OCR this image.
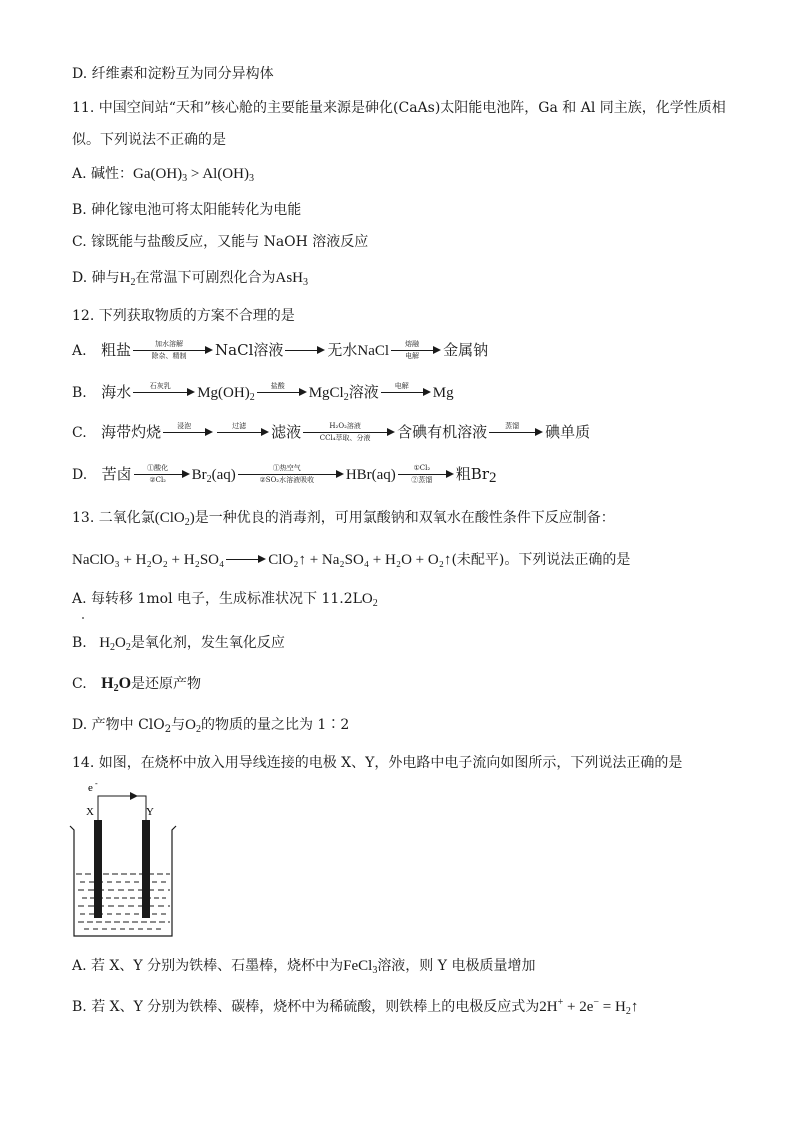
D. 纤维素和淀粉互为同分异构体
11. 中国空间站“天和”核心舱的主要能量来源是砷化(CaAs)太阳能电池阵，Ga 和 Al 同主族，化学性质相
似。下列说法不正确的是
A. 碱性：$Ga(OH)_3 > Al(OH)_3$
B. 砷化镓电池可将太阳能转化为电能
C. 镓既能与盐酸反应，又能与 NaOH 溶液反应
D. 砷与$H_2$在常温下可剧烈化合为AsH$_3$
12. 下列获取物质的方案不合理的是
A. 粗盐	加水溶解
除杂、精制	NaCl溶液	无水NaCl	熔融
电解	金属钠
B. 海水	石灰乳	$Mg(OH)_2$
盐酸	MgCl$_2$溶液	电解	Mg
C. 海带灼烧	浸泡	过滤	滤液	H₂O₂溶液
CCl₄萃取、分液	含碘有机溶液	蒸馏	碘单质
D. 苦卤	①酸化
②Cl₂	$Br_2(aq)$	①热空气
②SO₂水溶液吸收	HBr(aq)	①Cl₂
②蒸馏	粗$Br_2$
13. 二氧化氯(ClO$_2$)是一种优良的消毒剂，可用氯酸钠和双氧水在酸性条件下反应制备：
NaClO₃ + H₂O₂ + H₂SO₄	ClO₂↑ + Na₂SO₄ + H₂O + O₂↑(未配平)。下列说法正确的是
A. 每转移 1mol 电子，生成标准状况下 $11.2LO_2$
B. $H_2O_2$是氧化剂，发生氧化反应
C. $H_2O$是还原产物
D. 产物中 ClO$_2$与$O_2$的物质的量之比为 1∶2
14. 如图，在烧杯中放入用导线连接的电极 X、Y，外电路中电子流向如图所示，下列说法正确的是
e -
X	Y
A. 若 X、Y 分别为铁棒、石墨棒，烧杯中为FeCl$_3$溶液，则 Y 电极质量增加
B. 若 X、Y 分别为铁棒、碳棒，烧杯中为稀硫酸，则铁棒上的电极反应式为$2H^+ + 2e^- = H_2↑$
